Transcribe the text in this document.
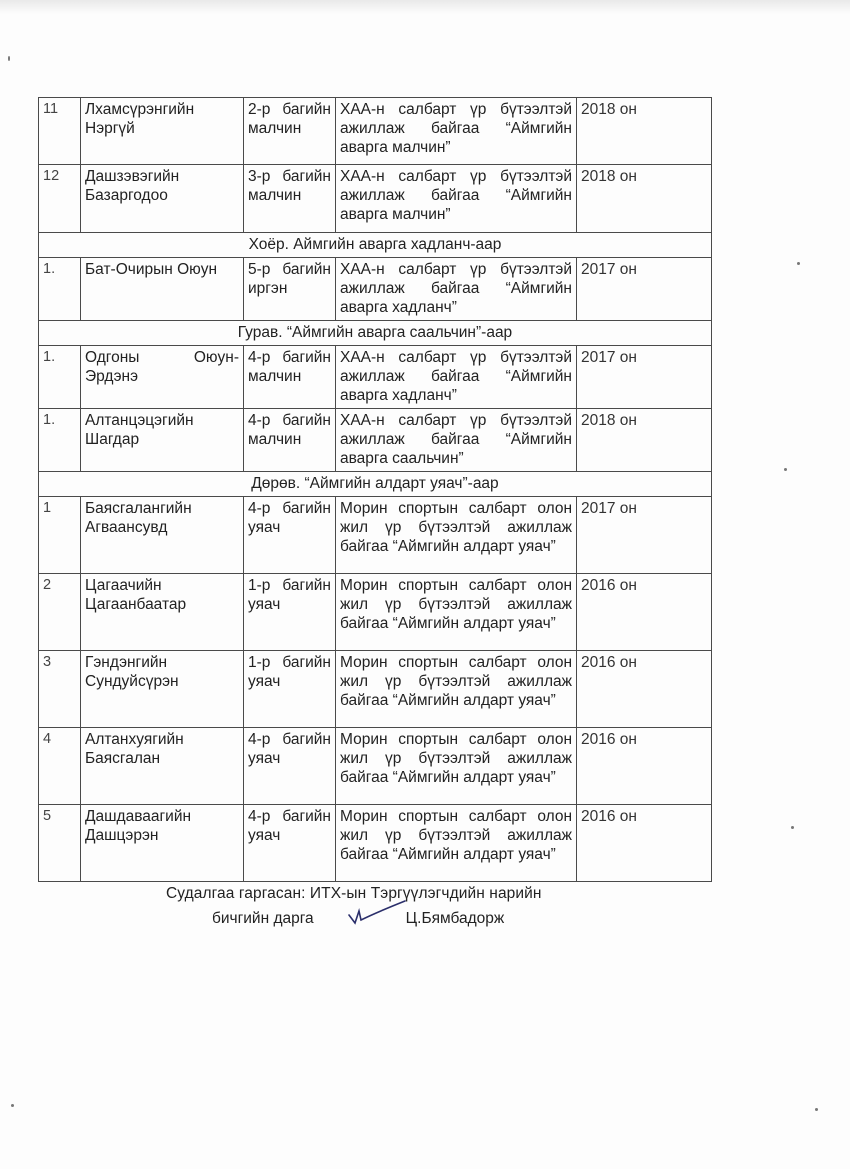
11	Лхамсүрэнгийн Нэргүй	2-р багийн малчин	ХАА-н салбарт үр бүтээлтэй ажиллаж байгаа “Аймгийн аварга малчин”	2018 он
12	Дашзэвэгийн Базаргодоо	3-р багийн малчин	ХАА-н салбарт үр бүтээлтэй ажиллаж байгаа “Аймгийн аварга малчин”	2018 он
Хоёр. Аймгийн аварга хадланч-аар				
1.	Бат-Очирын Оюун	5-р багийн иргэн	ХАА-н салбарт үр бүтээлтэй ажиллаж байгаа “Аймгийн аварга хадланч”	2017 он
Гурав. “Аймгийн аварга саальчин”-аар				
1.	Одгоны Оюун-Эрдэнэ	4-р багийн малчин	ХАА-н салбарт үр бүтээлтэй ажиллаж байгаа “Аймгийн аварга хадланч”	2017 он
1.	Алтанцэцэгийн Шагдар	4-р багийн малчин	ХАА-н салбарт үр бүтээлтэй ажиллаж байгаа “Аймгийн аварга саальчин”	2018 он
Дөрөв. “Аймгийн алдарт уяач”-аар				
1	Баясгалангийн Агваансувд	4-р багийн уяач	Морин спортын салбарт олон жил үр бүтээлтэй ажиллаж байгаа “Аймгийн алдарт уяач”	2017 он
2	Цагаачийн Цагаанбаатар	1-р багийн уяач	Морин спортын салбарт олон жил үр бүтээлтэй ажиллаж байгаа “Аймгийн алдарт уяач”	2016 он
3	Гэндэнгийн Сундуйсүрэн	1-р багийн уяач	Морин спортын салбарт олон жил үр бүтээлтэй ажиллаж байгаа “Аймгийн алдарт уяач”	2016 он
4	Алтанхуягийн Баясгалан	4-р багийн уяач	Морин спортын салбарт олон жил үр бүтээлтэй ажиллаж байгаа “Аймгийн алдарт уяач”	2016 он
5	Дашдаваагийн Дашцэрэн	4-р багийн уяач	Морин спортын салбарт олон жил үр бүтээлтэй ажиллаж байгаа “Аймгийн алдарт уяач”	2016 он
Судалгаа гаргасан: ИТХ-ын Тэргүүлэгчдийн нарийн
бичгийн дарга	Ц.Бямбадорж
